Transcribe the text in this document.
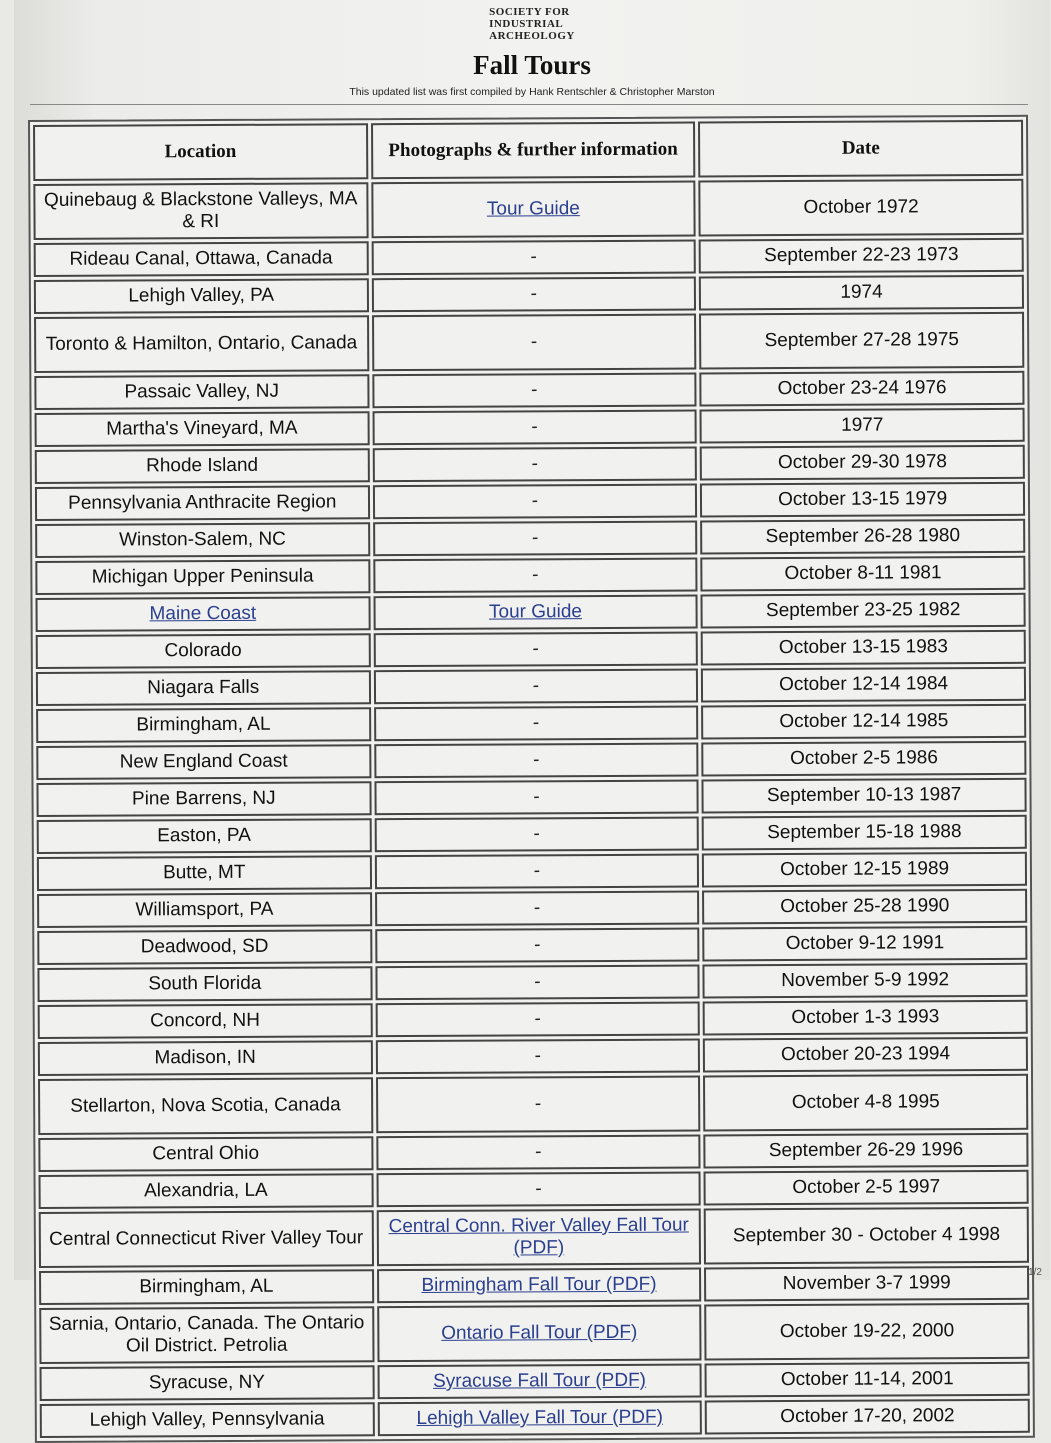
SOCIETY FOR
INDUSTRIAL
ARCHEOLOGY
Fall Tours
This updated list was first compiled by Hank Rentschler & Christopher Marston
Location	Photographs & further information	Date
Quinebaug & Blackstone Valleys, MA & RI	Tour Guide	October 1972
Rideau Canal, Ottawa, Canada	-	September 22-23 1973
Lehigh Valley, PA	-	1974
Toronto & Hamilton, Ontario, Canada	-	September 27-28 1975
Passaic Valley, NJ	-	October 23-24 1976
Martha's Vineyard, MA	-	1977
Rhode Island	-	October 29-30 1978
Pennsylvania Anthracite Region	-	October 13-15 1979
Winston-Salem, NC	-	September 26-28 1980
Michigan Upper Peninsula	-	October 8-11 1981
Maine Coast	Tour Guide	September 23-25 1982
Colorado	-	October 13-15 1983
Niagara Falls	-	October 12-14 1984
Birmingham, AL	-	October 12-14 1985
New England Coast	-	October 2-5 1986
Pine Barrens, NJ	-	September 10-13 1987
Easton, PA	-	September 15-18 1988
Butte, MT	-	October 12-15 1989
Williamsport, PA	-	October 25-28 1990
Deadwood, SD	-	October 9-12 1991
South Florida	-	November 5-9 1992
Concord, NH	-	October 1-3 1993
Madison, IN	-	October 20-23 1994
Stellarton, Nova Scotia, Canada	-	October 4-8 1995
Central Ohio	-	September 26-29 1996
Alexandria, LA	-	October 2-5 1997
Central Connecticut River Valley Tour	Central Conn. River Valley Fall Tour (PDF)	September 30 - October 4 1998
Birmingham, AL	Birmingham Fall Tour (PDF)	November 3-7 1999
Sarnia, Ontario, Canada. The Ontario Oil District. Petrolia	Ontario Fall Tour (PDF)	October 19-22, 2000
Syracuse, NY	Syracuse Fall Tour (PDF)	October 11-14, 2001
Lehigh Valley, Pennsylvania	Lehigh Valley Fall Tour (PDF)	October 17-20, 2002
1/2
